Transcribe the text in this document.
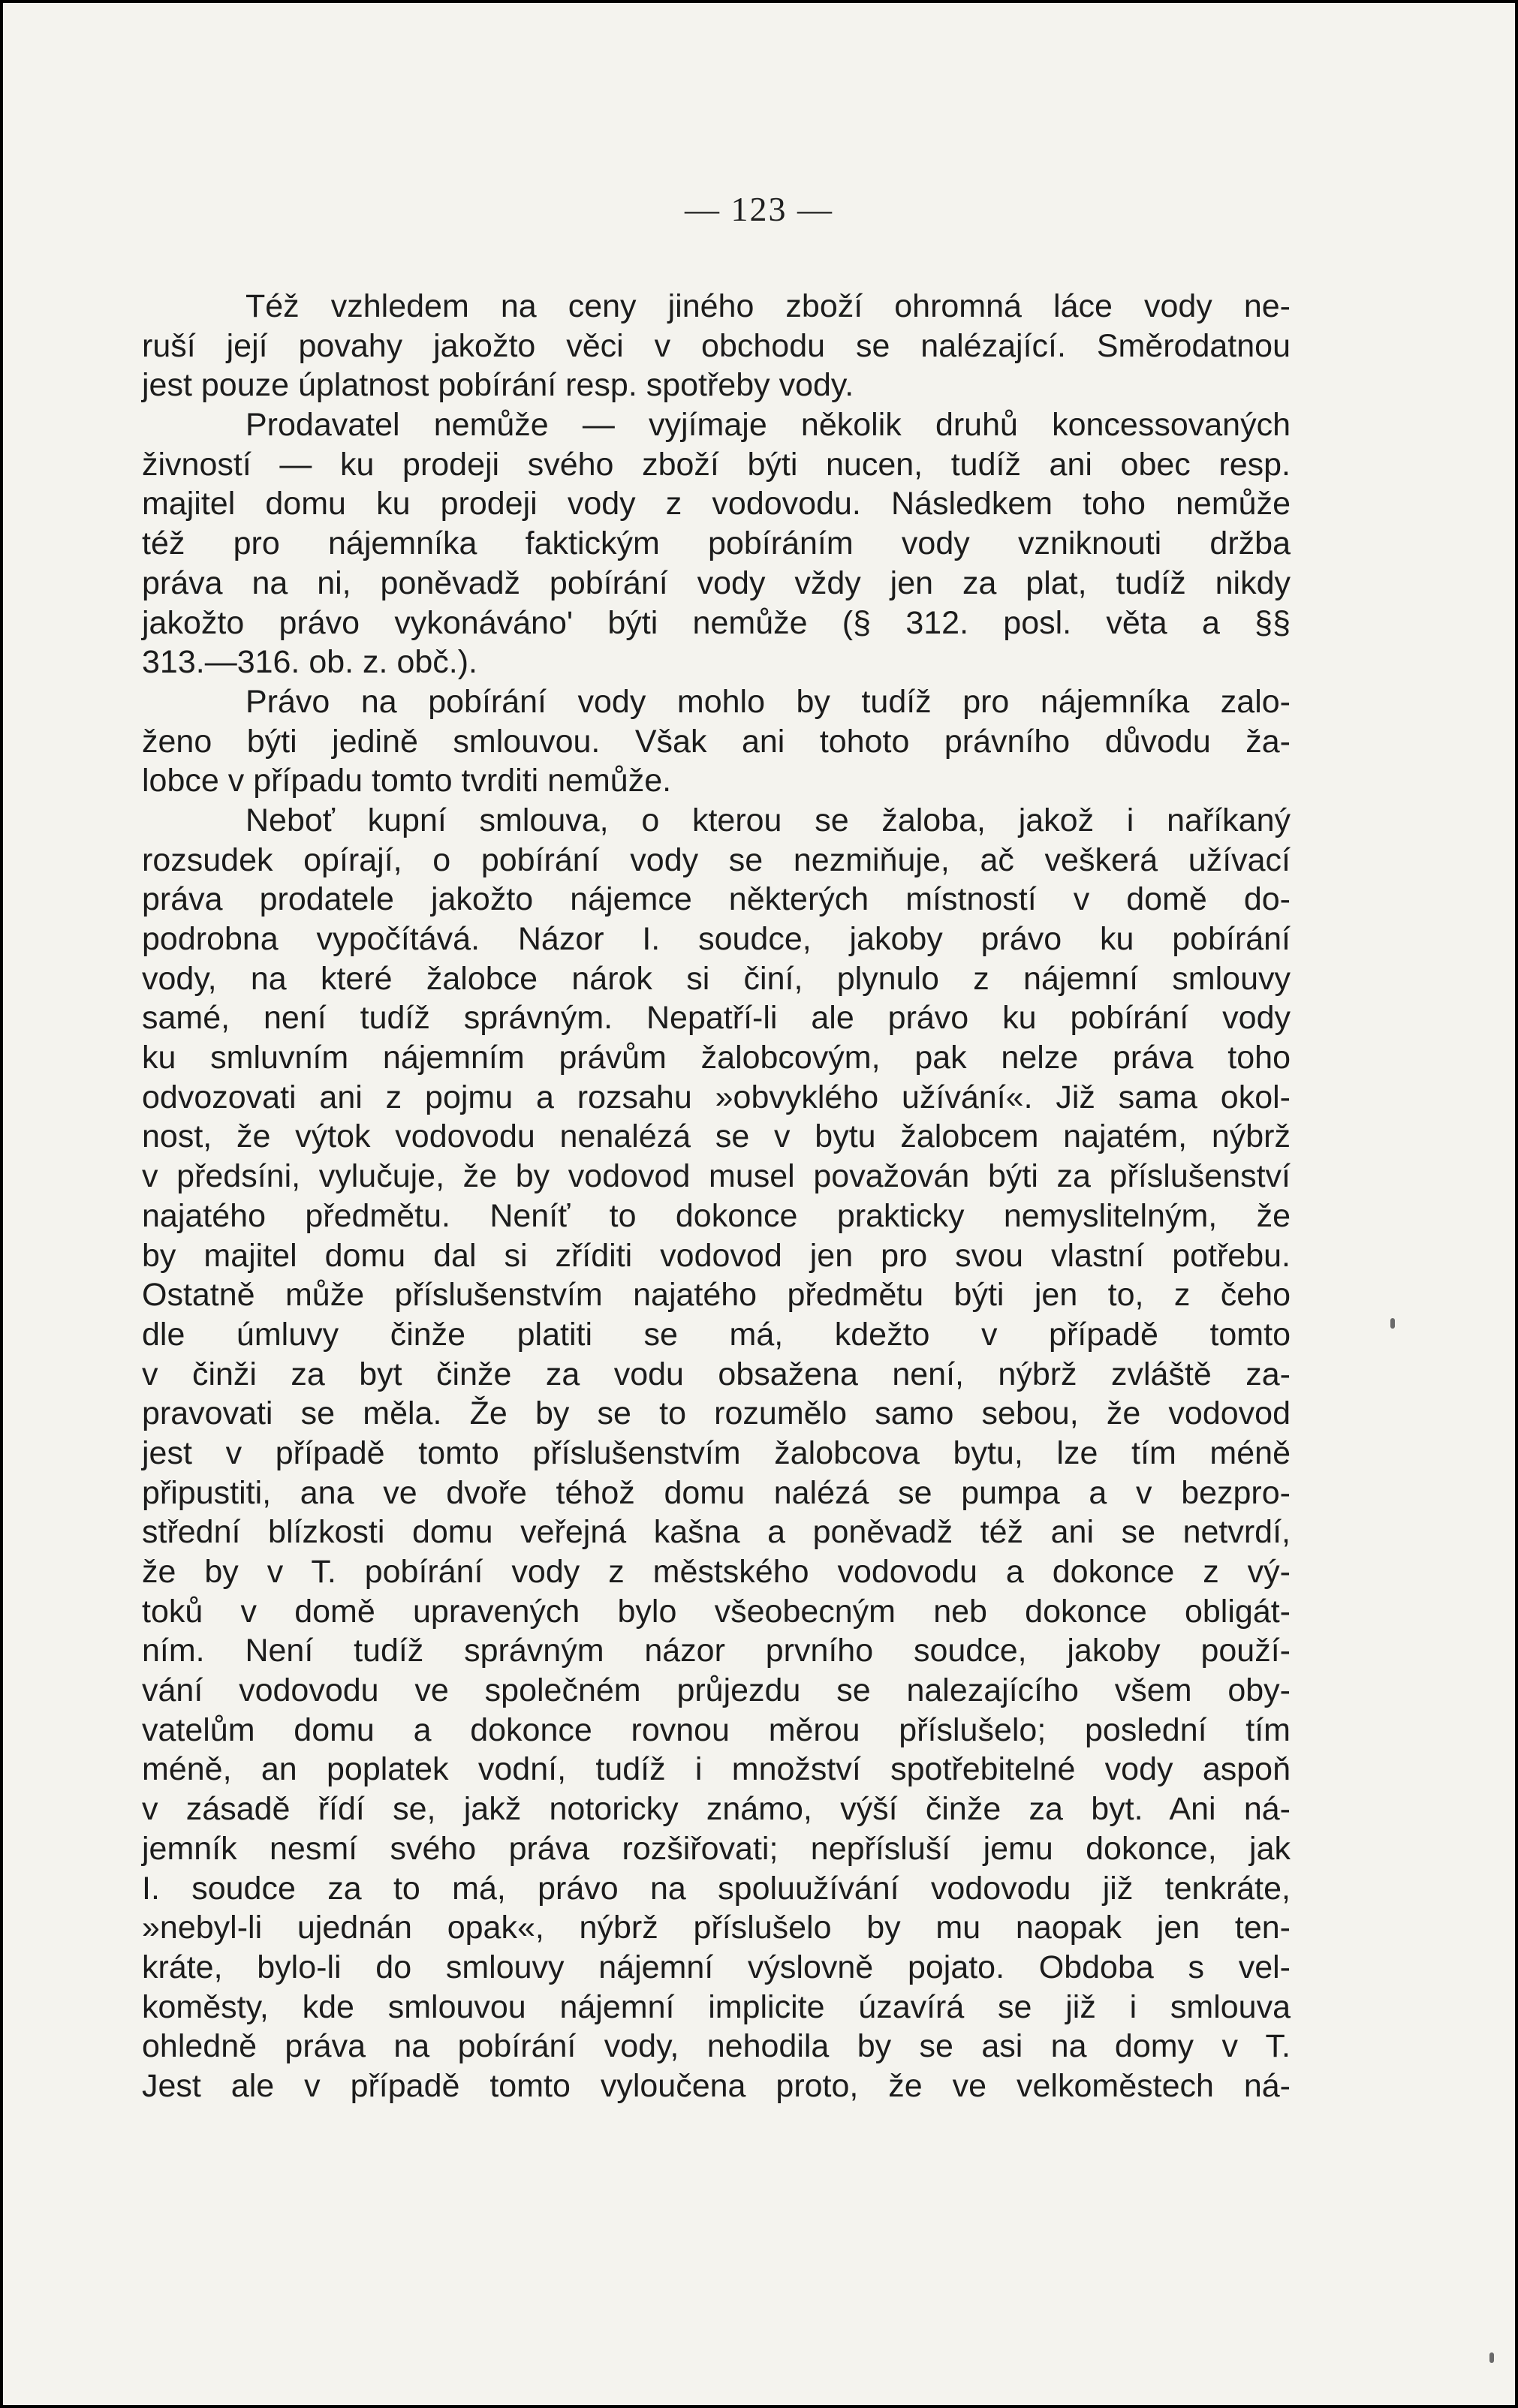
— 123 —
Též vzhledem na ceny jiného zboží ohromná láce vody ne-
ruší její povahy jakožto věci v obchodu se nalézající. Směrodatnou
jest pouze úplatnost pobírání resp. spotřeby vody.
Prodavatel nemůže — vyjímaje několik druhů koncessovaných
živností — ku prodeji svého zboží býti nucen, tudíž ani obec resp.
majitel domu ku prodeji vody z vodovodu. Následkem toho nemůže
též pro nájemníka faktickým pobíráním vody vzniknouti držba
práva na ni, poněvadž pobírání vody vždy jen za plat, tudíž nikdy
jakožto právo vykonáváno' býti nemůže (§ 312. posl. věta a §§
313.—316. ob. z. obč.).
Právo na pobírání vody mohlo by tudíž pro nájemníka zalo-
ženo býti jedině smlouvou. Však ani tohoto právního důvodu ža-
lobce v případu tomto tvrditi nemůže.
Neboť kupní smlouva, o kterou se žaloba, jakož i naříkaný
rozsudek opírají, o pobírání vody se nezmiňuje, ač veškerá užívací
práva prodatele jakožto nájemce některých místností v domě do-
podrobna vypočítává. Názor I. soudce, jakoby právo ku pobírání
vody, na které žalobce nárok si činí, plynulo z nájemní smlouvy
samé, není tudíž správným. Nepatří-li ale právo ku pobírání vody
ku smluvním nájemním právům žalobcovým, pak nelze práva toho
odvozovati ani z pojmu a rozsahu »obvyklého užívání«. Již sama okol-
nost, že výtok vodovodu nenalézá se v bytu žalobcem najatém, nýbrž
v předsíni, vylučuje, že by vodovod musel považován býti za příslušenství
najatého předmětu. Neníť to dokonce prakticky nemyslitelným, že
by majitel domu dal si zříditi vodovod jen pro svou vlastní potřebu.
Ostatně může příslušenstvím najatého předmětu býti jen to, z čeho
dle úmluvy činže platiti se má, kdežto v případě tomto
v činži za byt činže za vodu obsažena není, nýbrž zvláště za-
pravovati se měla. Že by se to rozumělo samo sebou, že vodovod
jest v případě tomto příslušenstvím žalobcova bytu, lze tím méně
připustiti, ana ve dvoře téhož domu nalézá se pumpa a v bezpro-
střední blízkosti domu veřejná kašna a poněvadž též ani se netvrdí,
že by v T. pobírání vody z městského vodovodu a dokonce z vý-
toků v domě upravených bylo všeobecným neb dokonce obligát-
ním. Není tudíž správným názor prvního soudce, jakoby použí-
vání vodovodu ve společném průjezdu se nalezajícího všem oby-
vatelům domu a dokonce rovnou měrou příslušelo; poslední tím
méně, an poplatek vodní, tudíž i množství spotřebitelné vody aspoň
v zásadě řídí se, jakž notoricky známo, výší činže za byt. Ani ná-
jemník nesmí svého práva rozšiřovati; nepřísluší jemu dokonce, jak
I. soudce za to má, právo na spoluužívání vodovodu již tenkráte,
»nebyl-li ujednán opak«, nýbrž příslušelo by mu naopak jen ten-
kráte, bylo-li do smlouvy nájemní výslovně pojato. Obdoba s vel-
koměsty, kde smlouvou nájemní implicite úzavírá se již i smlouva
ohledně práva na pobírání vody, nehodila by se asi na domy v T.
Jest ale v případě tomto vyloučena proto, že ve velkoměstech ná-
